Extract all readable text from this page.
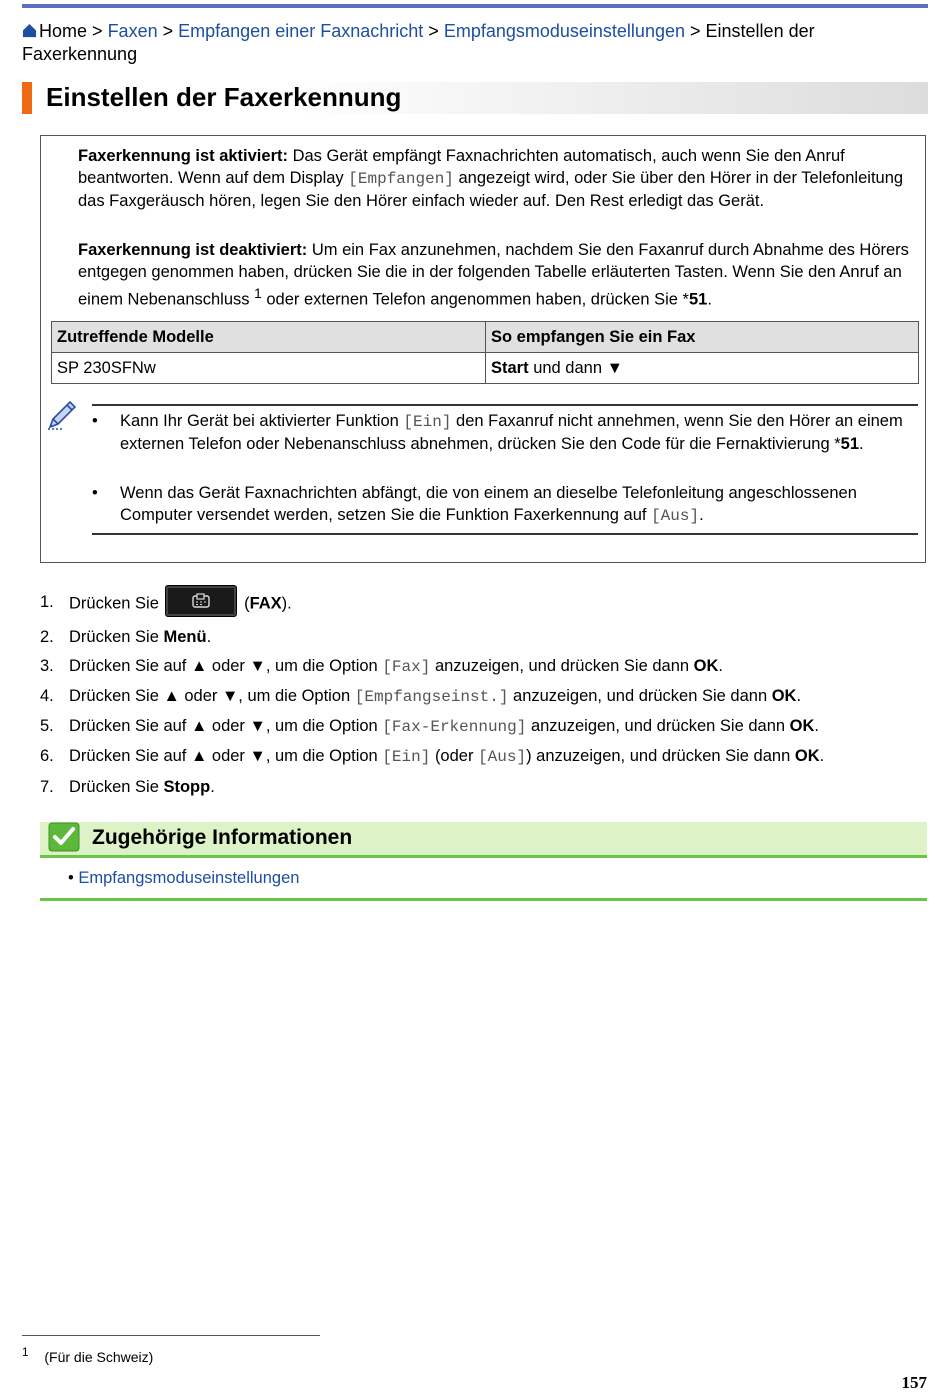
Home > Faxen > Empfangen einer Faxnachricht > Empfangsmoduseinstellungen > Einstellen der Faxerkennung
Einstellen der Faxerkennung
Faxerkennung ist aktiviert: Das Gerät empfängt Faxnachrichten automatisch, auch wenn Sie den Anruf beantworten. Wenn auf dem Display [Empfangen] angezeigt wird, oder Sie über den Hörer in der Telefonleitung das Faxgeräusch hören, legen Sie den Hörer einfach wieder auf. Den Rest erledigt das Gerät.
Faxerkennung ist deaktiviert: Um ein Fax anzunehmen, nachdem Sie den Faxanruf durch Abnahme des Hörers entgegen genommen haben, drücken Sie die in der folgenden Tabelle erläuterten Tasten. Wenn Sie den Anruf an einem Nebenanschluss $^1$ oder externen Telefon angenommen haben, drücken Sie *51.
Zutreffende Modelle	So empfangen Sie ein Fax
SP 230SFNw	Start und dann ▼
• Kann Ihr Gerät bei aktivierter Funktion [Ein] den Faxanruf nicht annehmen, wenn Sie den Hörer an einem externen Telefon oder Nebenanschluss abnehmen, drücken Sie den Code für die Fernaktivierung *51.
• Wenn das Gerät Faxnachrichten abfängt, die von einem an dieselbe Telefonleitung angeschlossenen Computer versendet werden, setzen Sie die Funktion Faxerkennung auf [Aus].
1. Drücken Sie	(FAX).
2. Drücken Sie Menü.
3. Drücken Sie auf ▲ oder ▼, um die Option [Fax] anzuzeigen, und drücken Sie dann OK.
4. Drücken Sie ▲ oder ▼, um die Option [Empfangseinst.] anzuzeigen, und drücken Sie dann OK.
5. Drücken Sie auf ▲ oder ▼, um die Option [Fax-Erkennung] anzuzeigen, und drücken Sie dann OK.
6. Drücken Sie auf ▲ oder ▼, um die Option [Ein] (oder [Aus]) anzuzeigen, und drücken Sie dann OK.
7. Drücken Sie Stopp.
Zugehörige Informationen
• Empfangsmoduseinstellungen
$^1$ (Für die Schweiz)
157
